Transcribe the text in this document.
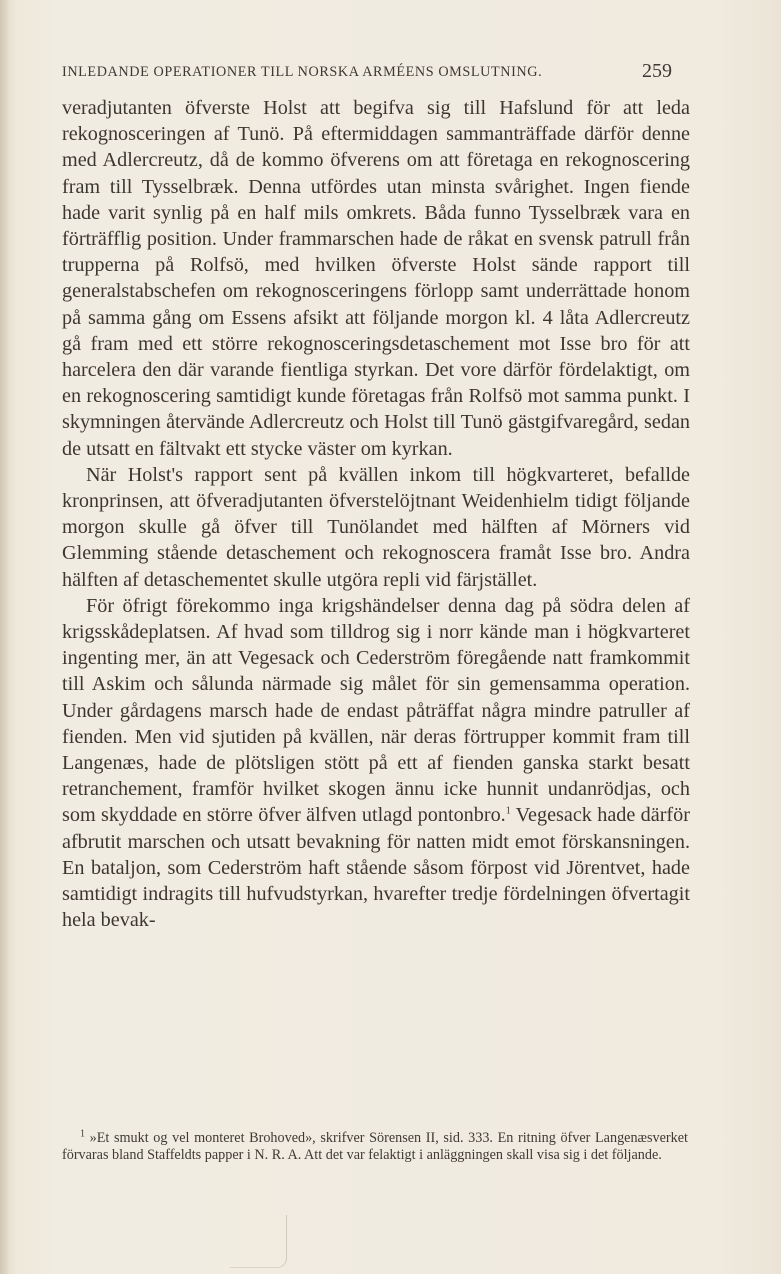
INLEDANDE OPERATIONER TILL NORSKA ARMÉENS OMSLUTNING.	259

veradjutanten öfverste Holst att begifva sig till Hafslund för att leda rekognosceringen af Tunö. På eftermiddagen sammanträffade därför denne med Adlercreutz, då de kommo öfverens om att företaga en rekognoscering fram till Tysselbræk. Denna utfördes utan minsta svårighet. Ingen fiende hade varit synlig på en half mils omkrets. Båda funno Tysselbræk vara en förträfflig position. Under frammarschen hade de råkat en svensk patrull från trupperna på Rolfsö, med hvilken öfverste Holst sände rapport till generalstabschefen om rekognosceringens förlopp samt underrättade honom på samma gång om Essens afsikt att följande morgon kl. 4 låta Adlercreutz gå fram med ett större rekognosceringsdetaschement mot Isse bro för att harcelera den där varande fientliga styrkan. Det vore därför fördelaktigt, om en rekognoscering samtidigt kunde företagas från Rolfsö mot samma punkt. I skymningen återvände Adlercreutz och Holst till Tunö gästgifvaregård, sedan de utsatt en fältvakt ett stycke väster om kyrkan.

När Holst's rapport sent på kvällen inkom till högkvarteret, befallde kronprinsen, att öfveradjutanten öfverstelöjtnant Weidenhielm tidigt följande morgon skulle gå öfver till Tunölandet med hälften af Mörners vid Glemming stående detaschement och rekognoscera framåt Isse bro. Andra hälften af detaschementet skulle utgöra repli vid färjstället.

För öfrigt förekommo inga krigshändelser denna dag på södra delen af krigsskådeplatsen. Af hvad som tilldrog sig i norr kände man i högkvarteret ingenting mer, än att Vegesack och Cederström föregående natt framkommit till Askim och sålunda närmade sig målet för sin gemensamma operation. Under gårdagens marsch hade de endast påträffat några mindre patruller af fienden. Men vid sjutiden på kvällen, när deras förtrupper kommit fram till Langenæs, hade de plötsligen stött på ett af fienden ganska starkt besatt retranchement, framför hvilket skogen ännu icke hunnit undanrödjas, och som skyddade en större öfver älfven utlagd pontonbro.$^1$ Vegesack hade därför afbrutit marschen och utsatt bevakning för natten midt emot förskansningen. En bataljon, som Cederström haft stående såsom förpost vid Jörentvet, hade samtidigt indragits till hufvudstyrkan, hvarefter tredje fördelningen öfvertagit hela bevak-

$^1$ »Et smukt og vel monteret Brohoved», skrifver Sörensen II, sid. 333. En ritning öfver Langenæsverket förvaras bland Staffeldts papper i N. R. A. Att det var felaktigt i anläggningen skall visa sig i det följande.
